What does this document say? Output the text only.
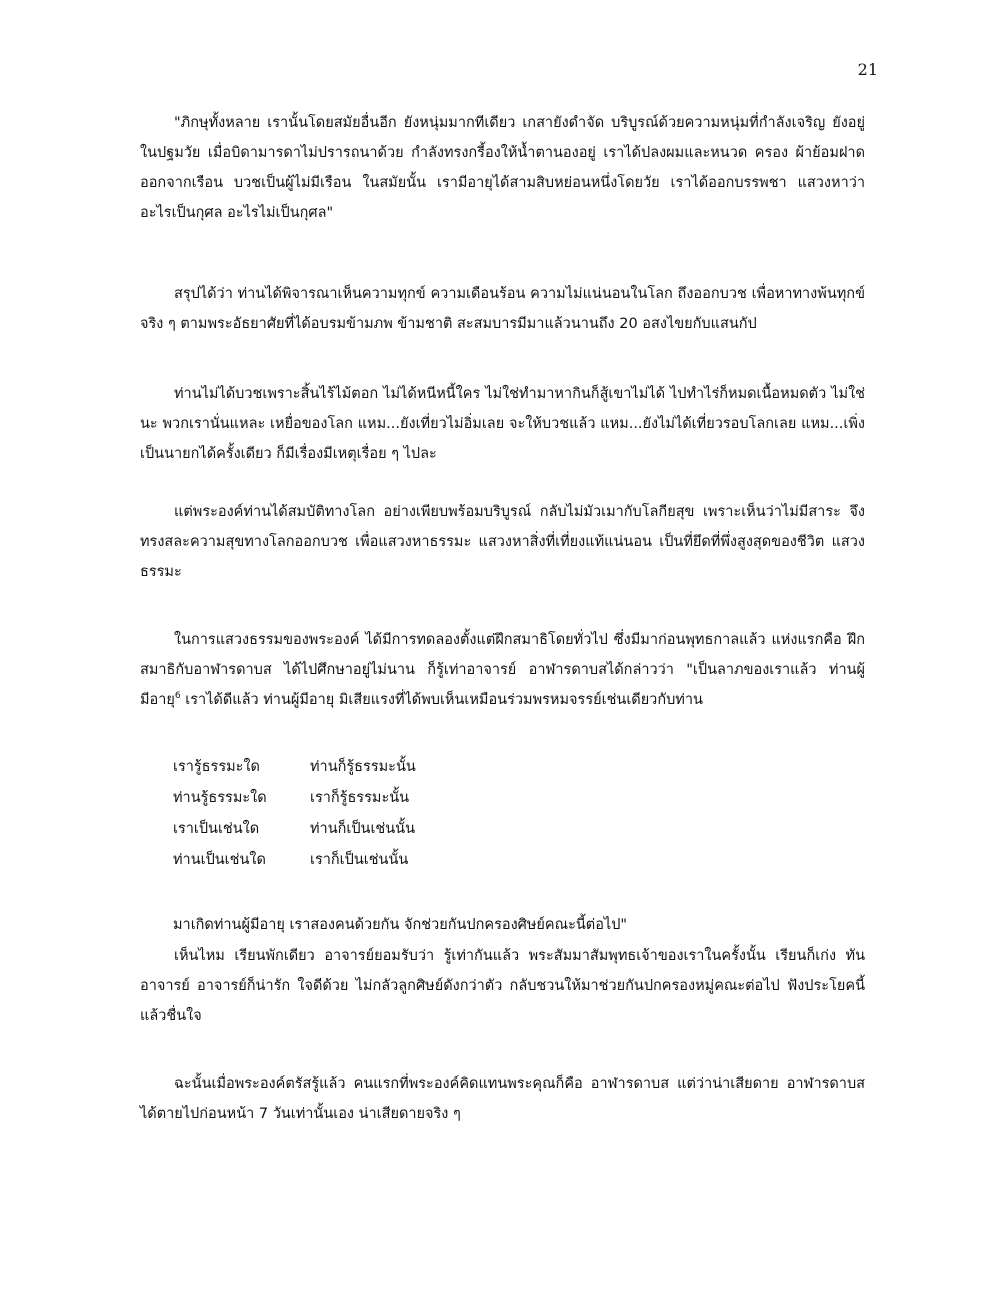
21

"ภิกษุทั้งหลาย เรานั้นโดยสมัยอื่นอีก ยังหนุ่มมากทีเดียว เกสายังดำจัด บริบูรณ์ด้วยความหนุ่มที่กำลังเจริญ ยังอยู่ในปฐมวัย เมื่อบิดามารดาไม่ปรารถนาด้วย กำลังทรงกรี้องให้น้ำตานองอยู่ เราได้ปลงผมและหนวด ครอง ผ้าย้อมฝาด ออกจากเรือน บวชเป็นผู้ไม่มีเรือน ในสมัยนั้น เรามีอายุได้สามสิบหย่อนหนึ่งโดยวัย เราได้ออกบรรพชา แสวงหาว่าอะไรเป็นกุศล อะไรไม่เป็นกุศล"

สรุปได้ว่า ท่านได้พิจารณาเห็นความทุกข์ ความเดือนร้อน ความไม่แน่นอนในโลก ถึงออกบวช เพื่อหาทางพ้นทุกข์จริง ๆ ตามพระอัธยาศัยที่ได้อบรมข้ามภพ ข้ามชาติ สะสมบารมีมาแล้วนานถึง 20 อสงไขยกับแสนกัป

ท่านไม่ได้บวชเพราะสิ้นไร้ไม้ตอก ไม่ได้หนีหนี้ใคร ไม่ใช่ทำมาหากินก็สู้เขาไม่ได้ ไปทำไร่ก็หมดเนื้อหมดตัว ไม่ใช่นะ พวกเรานั่นแหละ เหยื่อของโลก แหม...ยังเที่ยวไม่อิ่มเลย จะให้บวชแล้ว แหม...ยังไม่ได้เที่ยวรอบโลกเลย แหม...เพิ่งเป็นนายกได้ครั้งเดียว ก็มีเรื่องมีเหตุเรื่อย ๆ ไปละ

แต่พระองค์ท่านได้สมบัติทางโลก อย่างเพียบพร้อมบริบูรณ์ กลับไม่มัวเมากับโลกียสุข เพราะเห็นว่าไม่มีสาระ จึงทรงสละความสุขทางโลกออกบวช เพื่อแสวงหาธรรมะ แสวงหาสิ่งที่เที่ยงแท้แน่นอน เป็นที่ยึดที่พึ่งสูงสุดของชีวิต แสวงธรรมะ

ในการแสวงธรรมของพระองค์ ได้มีการทดลองตั้งแต่ฝึกสมาธิโดยทั่วไป ซึ่งมีมาก่อนพุทธกาลแล้ว แห่งแรกคือ ฝึกสมาธิกับอาฬารดาบส ได้ไปศึกษาอยู่ไม่นาน ก็รู้เท่าอาจารย์ อาฬารดาบสได้กล่าวว่า "เป็นลาภของเราแล้ว ท่านผู้มีอายุ$^6$ เราได้ดีแล้ว ท่านผู้มีอายุ มิเสียแรงที่ได้พบเห็นเหมือนร่วมพรหมจรรย์เช่นเดียวกับท่าน

เรารู้ธรรมะใด	ท่านก็รู้ธรรมะนั้น
ท่านรู้ธรรมะใด	เราก็รู้ธรรมะนั้น
เราเป็นเช่นใด	ท่านก็เป็นเช่นนั้น
ท่านเป็นเช่นใด	เราก็เป็นเช่นนั้น

มาเกิดท่านผู้มีอายุ เราสองคนด้วยกัน จักช่วยกันปกครองศิษย์คณะนี้ต่อไป"

เห็นไหม เรียนพักเดียว อาจารย์ยอมรับว่า รู้เท่ากันแล้ว พระสัมมาสัมพุทธเจ้าของเราในครั้งนั้น เรียนก็เก่ง ทันอาจารย์ อาจารย์ก็น่ารัก ใจดีด้วย ไม่กลัวลูกศิษย์ดังกว่าตัว กลับชวนให้มาช่วยกันปกครองหมู่คณะต่อไป ฟังประโยคนี้แล้วชื่นใจ

ฉะนั้นเมื่อพระองค์ตรัสรู้แล้ว คนแรกที่พระองค์คิดแทนพระคุณก็คือ อาฬารดาบส แต่ว่าน่าเสียดาย อาฬารดาบสได้ตายไปก่อนหน้า 7 วันเท่านั้นเอง น่าเสียดายจริง ๆ
